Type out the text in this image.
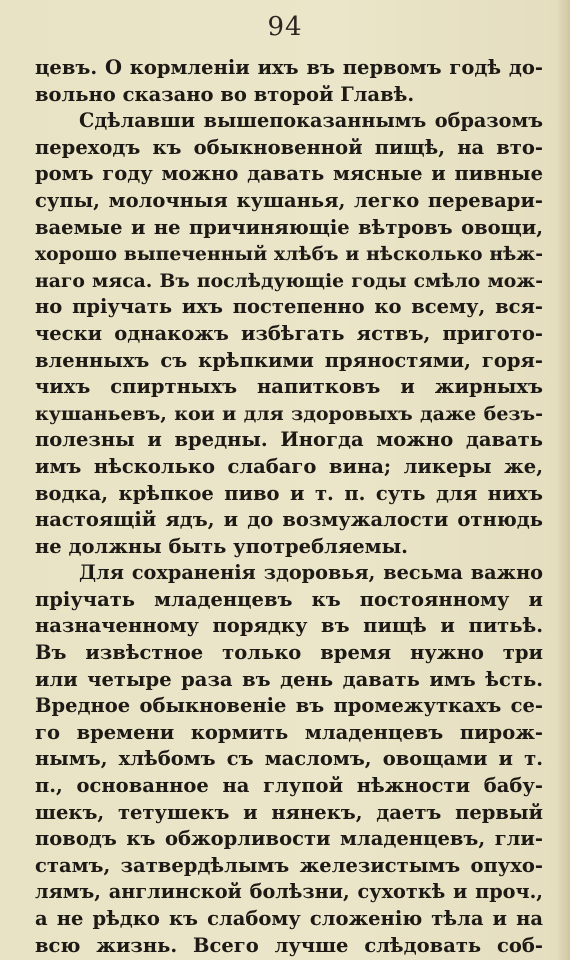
94
цевъ. О кормленіи ихъ въ первомъ годѣ до-
вольно сказано во второй Главѣ.
Сдѣлавши вышепоказаннымъ образомъ
переходъ къ обыкновенной пищѣ, на вто-
ромъ году можно давать мясные и пивные
супы, молочныя кушанья, легко перевари-
ваемые и не причиняющіе вѣтровъ овощи,
хорошо выпеченный хлѣбъ и нѣсколько нѣж-
наго мяса. Въ послѣдующіе годы смѣло мож-
но пріучать ихъ постепенно ко всему, вся-
чески однакожъ избѣгать яствъ, пригото-
вленныхъ съ крѣпкими пряностями, горя-
чихъ спиртныхъ напитковъ и жирныхъ
кушаньевъ, кои и для здоровыхъ даже безъ-
полезны и вредны. Иногда можно давать
имъ нѣсколько слабаго вина; ликеры же,
водка, крѣпкое пиво и т. п. суть для нихъ
настоящій ядъ, и до возмужалости отнюдь
не должны быть употребляемы.
Для сохраненія здоровья, весьма важно
пріучать младенцевъ къ постоянному и
назначенному порядку въ пищѣ и питьѣ.
Въ извѣстное только время нужно три
или четыре раза въ день давать имъ ѣсть.
Вредное обыкновеніе въ промежуткахъ се-
го времени кормить младенцевъ пирож-
нымъ, хлѣбомъ съ масломъ, овощами и т.
п., основанное на глупой нѣжности бабу-
шекъ, тетушекъ и нянекъ, даетъ первый
поводъ къ обжорливости младенцевъ, гли-
стамъ, затвердѣлымъ железистымъ опухо-
лямъ, англинской болѣзни, сухоткѣ и проч.,
а не рѣдко къ слабому сложенію тѣла и на
всю жизнь. Всего лучше слѣдовать соб-
